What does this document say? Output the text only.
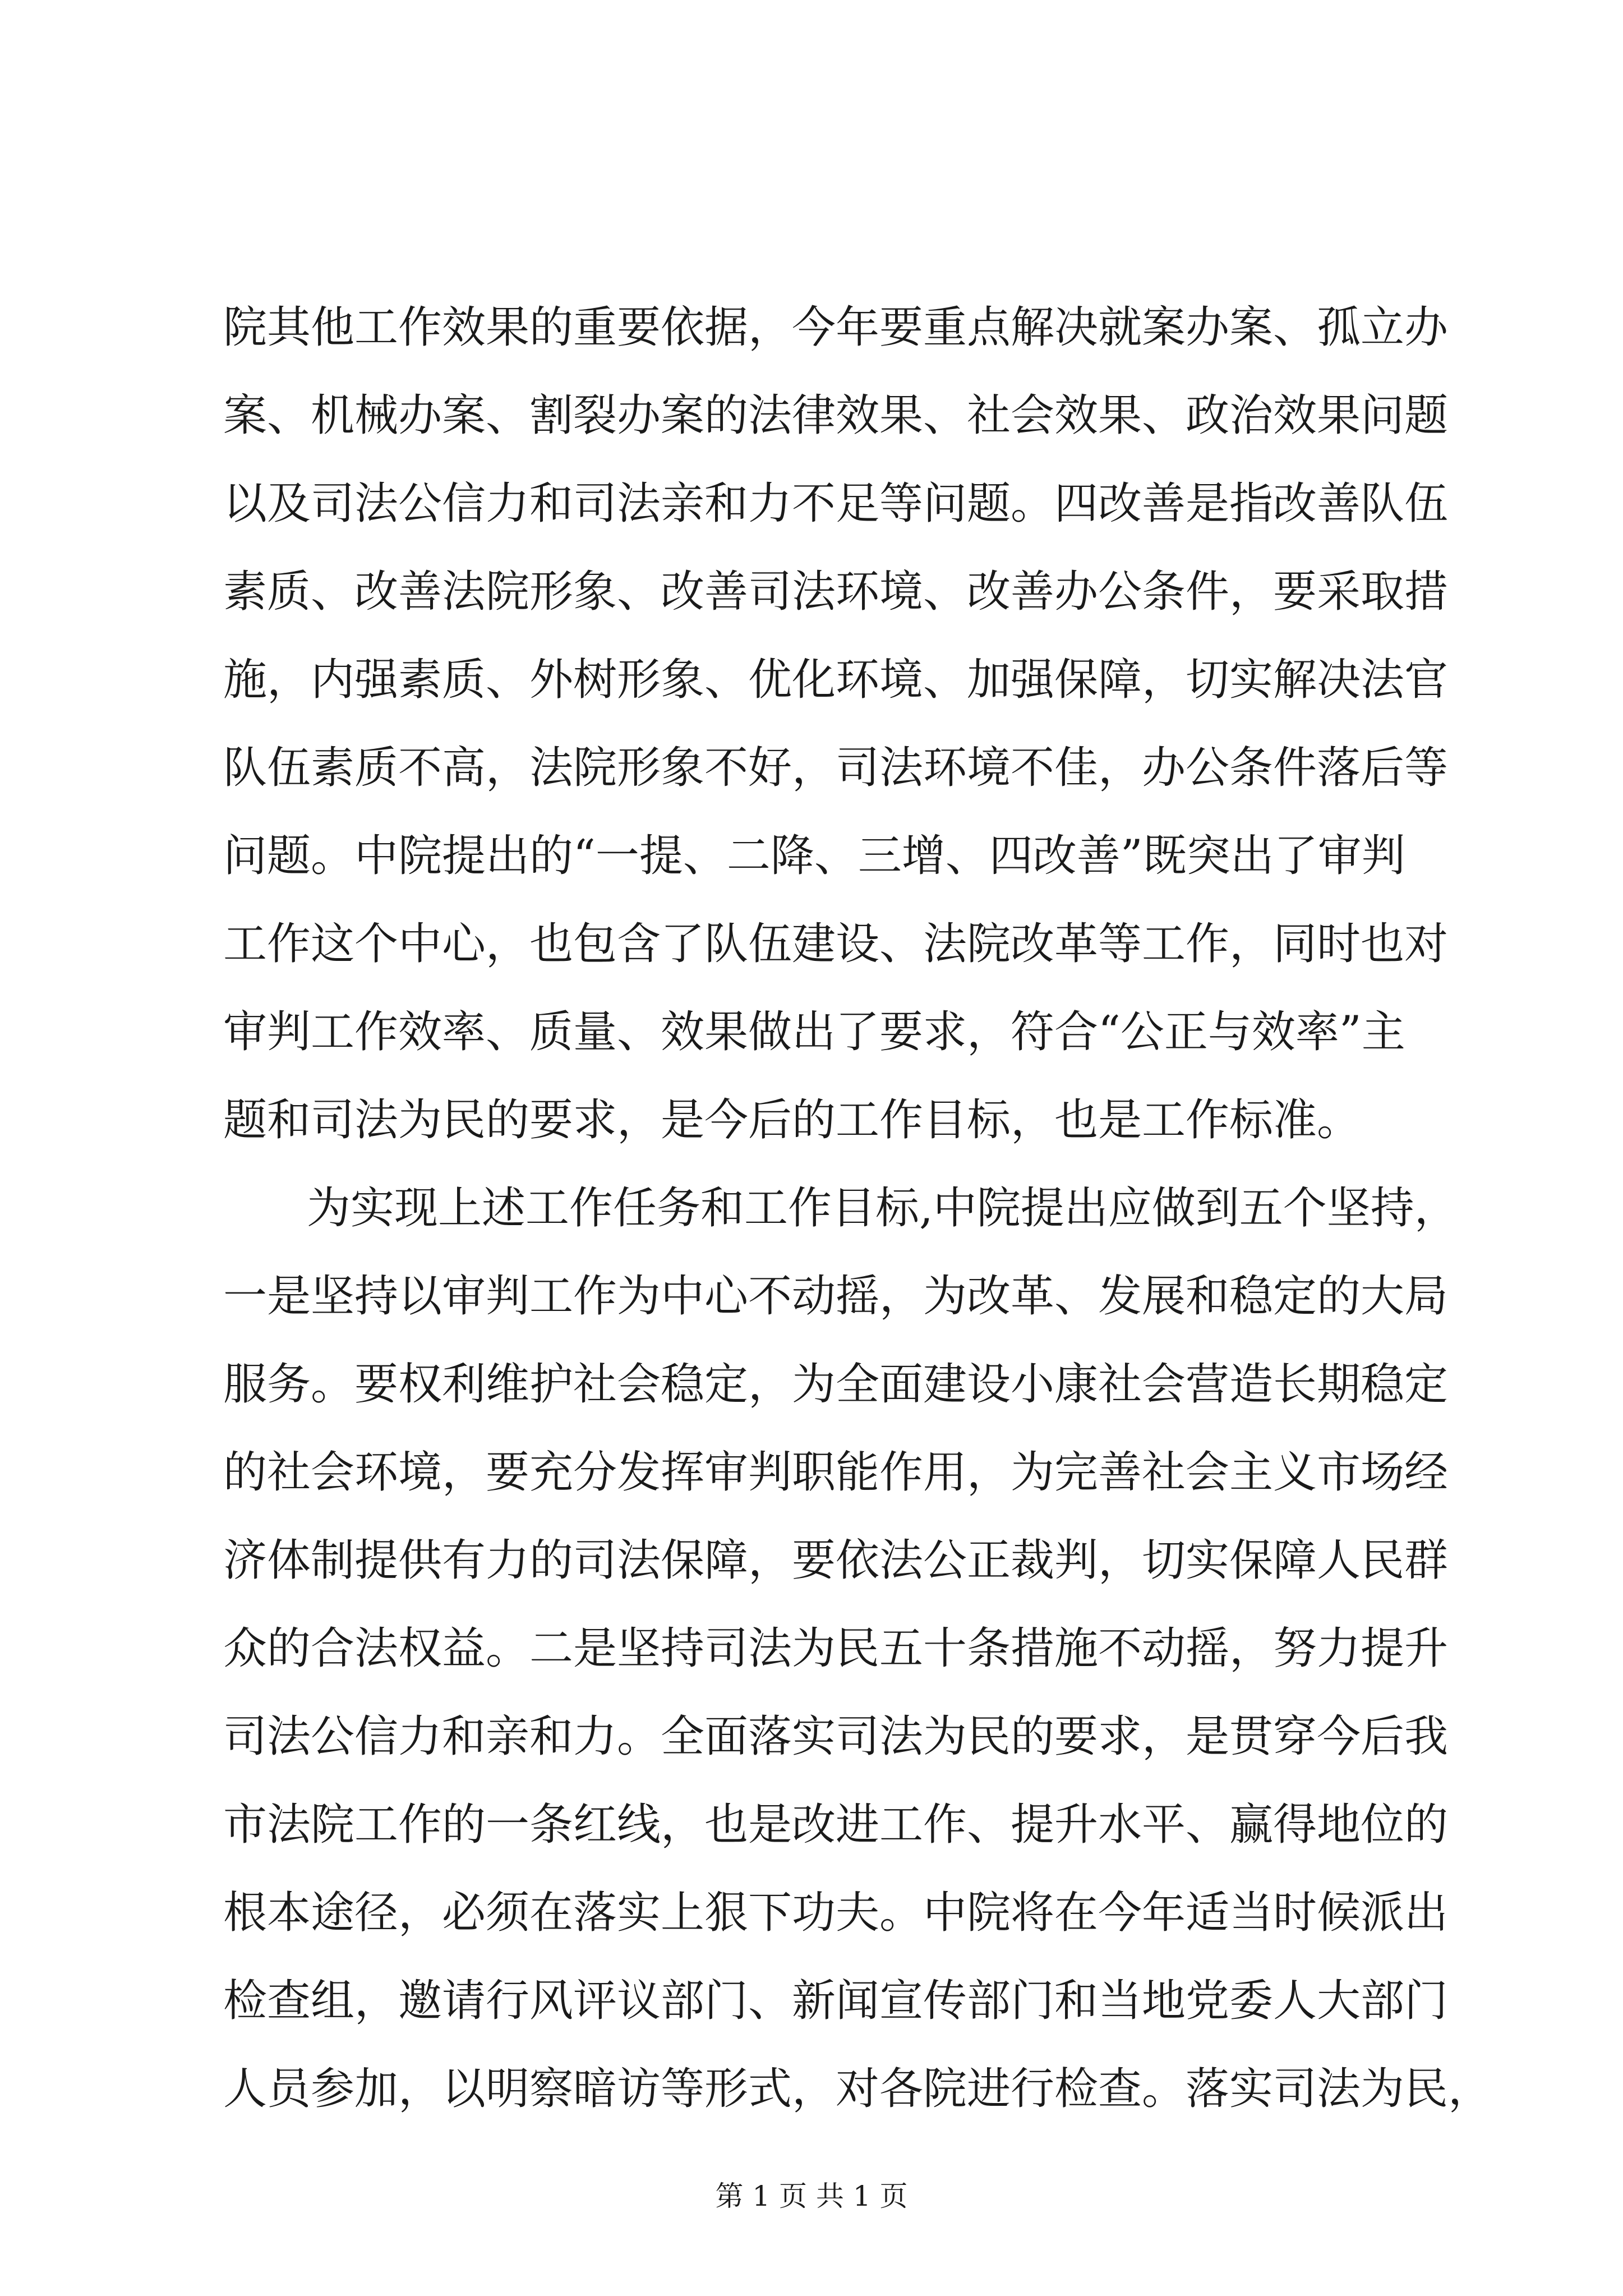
院其他工作效果的重要依据，今年要重点解决就案办案、孤立办
案、机械办案、割裂办案的法律效果、社会效果、政治效果问题
以及司法公信力和司法亲和力不足等问题。四改善是指改善队伍
素质、改善法院形象、改善司法环境、改善办公条件，要采取措
施，内强素质、外树形象、优化环境、加强保障，切实解决法官
队伍素质不高，法院形象不好，司法环境不佳，办公条件落后等
问题。中院提出的“一提、二降、三增、四改善”既突出了审判
工作这个中心，也包含了队伍建设、法院改革等工作，同时也对
审判工作效率、质量、效果做出了要求，符合“公正与效率”主
题和司法为民的要求，是今后的工作目标，也是工作标准。
为实现上述工作任务和工作目标,中院提出应做到五个坚持，
一是坚持以审判工作为中心不动摇，为改革、发展和稳定的大局
服务。要权利维护社会稳定，为全面建设小康社会营造长期稳定
的社会环境，要充分发挥审判职能作用，为完善社会主义市场经
济体制提供有力的司法保障，要依法公正裁判，切实保障人民群
众的合法权益。二是坚持司法为民五十条措施不动摇，努力提升
司法公信力和亲和力。全面落实司法为民的要求，是贯穿今后我
市法院工作的一条红线，也是改进工作、提升水平、赢得地位的
根本途径，必须在落实上狠下功夫。中院将在今年适当时候派出
检查组，邀请行风评议部门、新闻宣传部门和当地党委人大部门
人员参加，以明察暗访等形式，对各院进行检查。落实司法为民，
第 1 页 共 1 页
